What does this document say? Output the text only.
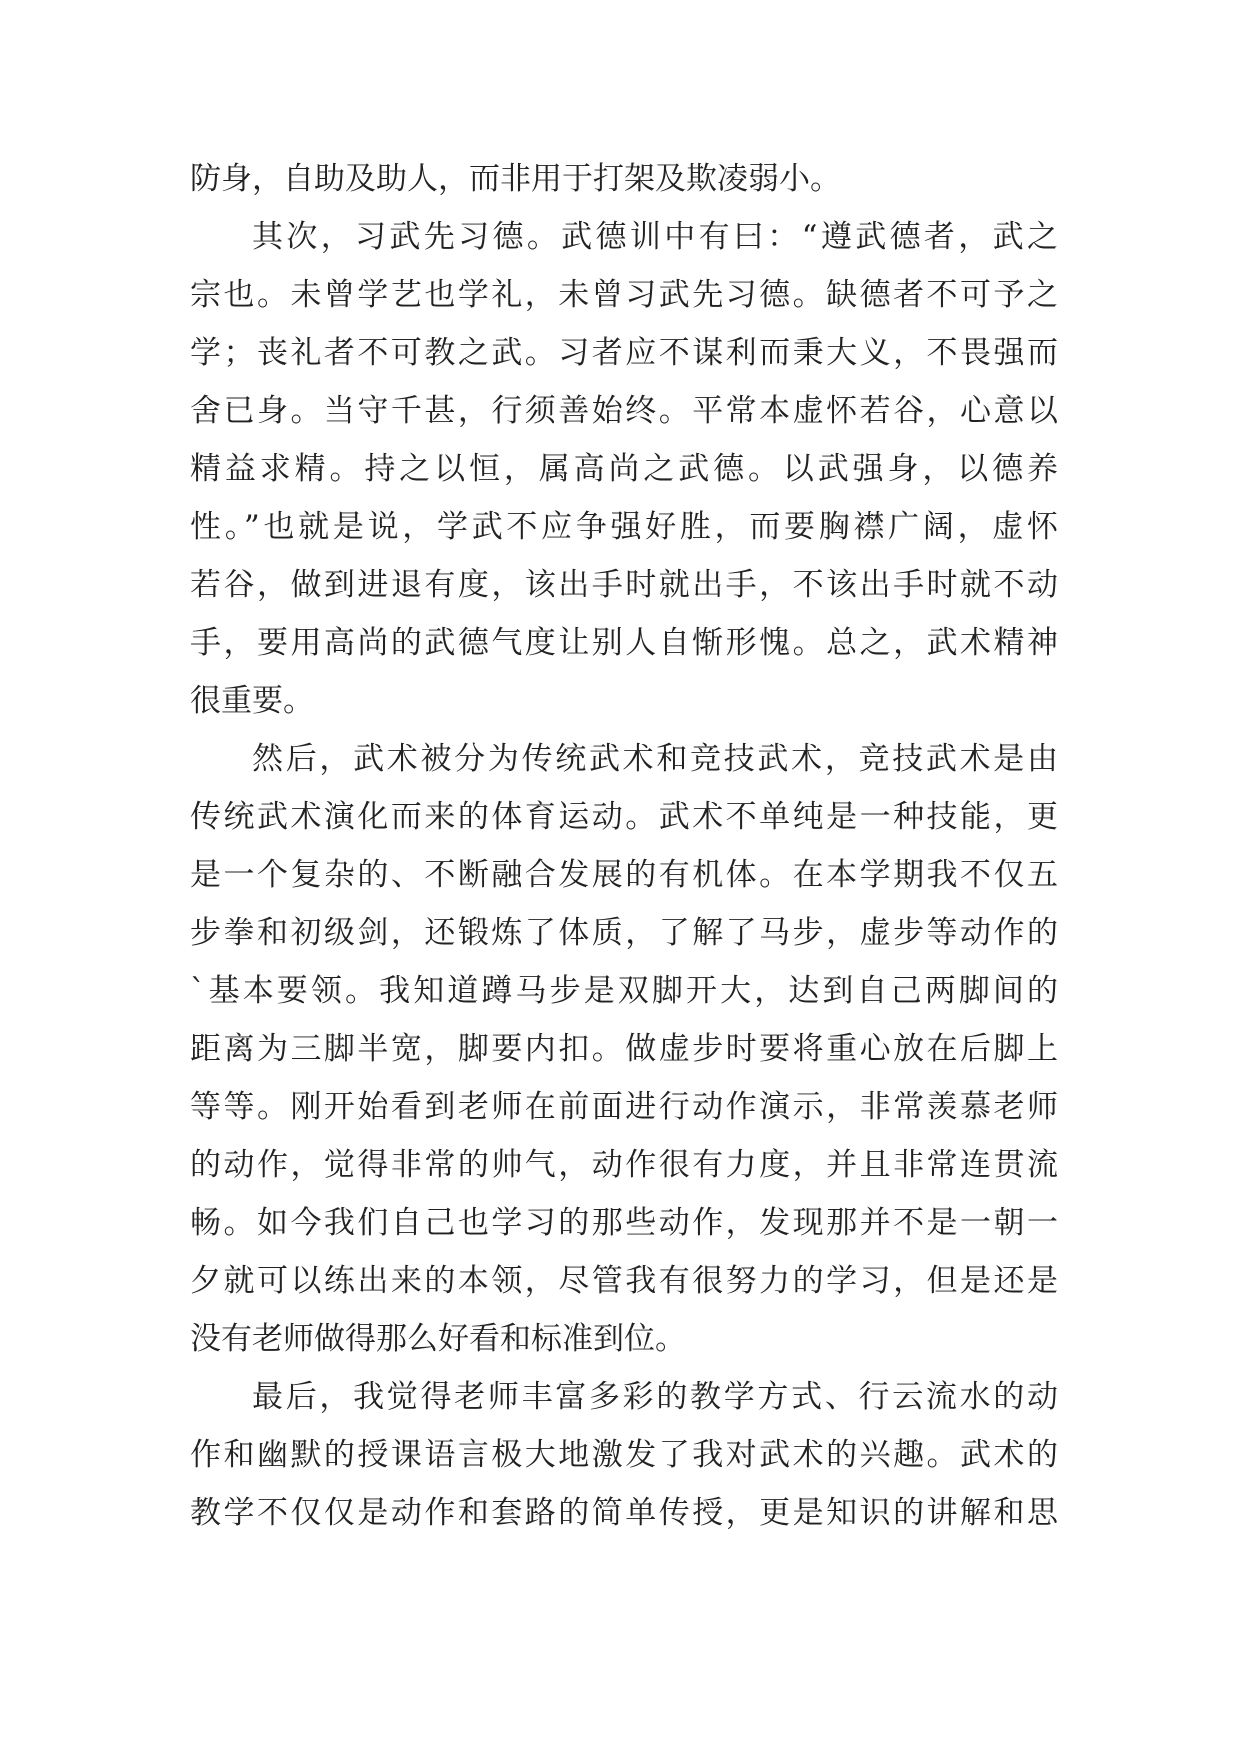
防身，自助及助人，而非用于打架及欺凌弱小。
其次，习武先习德。武德训中有曰：“遵武德者，武之
宗也。未曾学艺也学礼，未曾习武先习德。缺德者不可予之
学；丧礼者不可教之武。习者应不谋利而秉大义，不畏强而
舍已身。当守千甚，行须善始终。平常本虚怀若谷，心意以
精益求精。持之以恒，属高尚之武德。以武强身，以德养
性。”也就是说，学武不应争强好胜，而要胸襟广阔，虚怀
若谷，做到进退有度，该出手时就出手，不该出手时就不动
手，要用高尚的武德气度让别人自惭形愧。总之，武术精神
很重要。
然后，武术被分为传统武术和竞技武术，竞技武术是由
传统武术演化而来的体育运动。武术不单纯是一种技能，更
是一个复杂的、不断融合发展的有机体。在本学期我不仅五
步拳和初级剑，还锻炼了体质，了解了马步，虚步等动作的
`基本要领。我知道蹲马步是双脚开大，达到自己两脚间的
距离为三脚半宽，脚要内扣。做虚步时要将重心放在后脚上
等等。刚开始看到老师在前面进行动作演示，非常羡慕老师
的动作，觉得非常的帅气，动作很有力度，并且非常连贯流
畅。如今我们自己也学习的那些动作，发现那并不是一朝一
夕就可以练出来的本领，尽管我有很努力的学习，但是还是
没有老师做得那么好看和标准到位。
最后，我觉得老师丰富多彩的教学方式、行云流水的动
作和幽默的授课语言极大地激发了我对武术的兴趣。武术的
教学不仅仅是动作和套路的简单传授，更是知识的讲解和思
